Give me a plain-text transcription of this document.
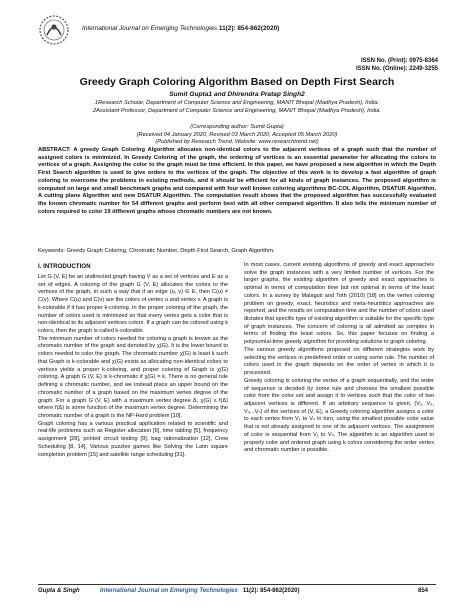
International Journal on Emerging Technologies 11(2): 854-862(2020)
ISSN No. (Print): 0975-8364
ISSN No. (Online): 2249-3255
Greedy Graph Coloring Algorithm Based on Depth First Search
Sumit Gupta1 and Dhirendra Pratap Singh2
1Research Scholar, Department of Computer Science and Engineering, MANIT Bhopal (Madhya Pradesh), India.
2Assistant Professor, Department of Computer Science and Engineering, MANIT Bhopal (Madhya Pradesh), India.
(Corresponding author: Sumit Gupta)
(Received 04 January 2020, Revised 03 March 2020, Accepted 05 March 2020)
(Published by Research Trend, Website: www.researchtrend.net)
ABSTRACT: A greedy Graph Coloring Algorithm allocates non-identical colors to the adjacent vertices of a graph such that the number of assigned colors is minimized. In Greedy Coloring of the graph, the ordering of vertices is an essential parameter for allocating the colors to vertices of a graph. Assigning the color to the graph must be time efficient. In this paper, we have proposed a new algorithm in which the Depth First Search algorithm is used to give orders to the vertices of the graph. The objective of this work is to develop a fast algorithm of graph coloring to overcome the problems in existing methods, and it should be efficient for all kinds of graph instances. The proposed algorithm is computed on large and small benchmark graphs and compared with four well known coloring algorithms BC-COL Algorithm, DSATUR Algorithm, A cutting plane Algorithm and new DSATUR Algorithm. The computation result shows that the proposed algorithm has successfully evaluated the known chromatic number for 54 different graphs and perform best with all other compared algorithm. It also tells the minimum number of colors required to color 19 different graphs whose chromatic numbers are not known.
Keywords: Greedy Graph Coloring, Chromatic Number, Depth First Search, Graph Algorithm.
I. INTRODUCTION

Let G (V, E) be an undirected graph having V as a set of vertices and E as a set of edges. A coloring of the graph G (V, E) allocates the colors to the vertices of the graph, in such a way that if an edge (u, v) ∈ E, then C(u) ≠ C(v). Where C(u) and C(v) are the colors of vertex u and vertex v. A graph is k-colorable if it has proper k-coloring. In the proper coloring of the graph, the number of colors used is minimized so that every vertex gets a color that is non-identical to its adjacent vertices colors. If a graph can be colored using k colors, then the graph is called k-colorable.

The minimum number of colors needed for coloring a graph is known as the chromatic number of the graph and denoted by χ(G). It is the lower bound to colors needed to color the graph. The chromatic number χ(G) is least k such that Graph is k-colorable and χ(G) exists as allocating non-identical colors to vertices yields a proper k-coloring, and proper coloring of Graph is χ(G) coloring. A graph G (V, E) is k-chromatic if χ(G) = k. There is no general rule defining a chromatic number, and we instead place an upper bound on the chromatic number of a graph based on the maximum vertex degree of the graph. For a graph G (V, E) with a maximum vertex degree Δ, χ(G) ≤ f(Δ) where f(Δ) is some function of the maximum vertex degree. Determining the chromatic number of a graph is the NP-Hard problem [10].

Graph coloring has a various practical application related to scientific and real-life problems such as Register allocation [6], time tabling [5], frequency assignment [28], printed circuit testing [9], bag rationalization [12], Crew Scheduling [8, 14], Various puzzles games like Solving the Latin square completion problem [15] and satellite range scheduling [31].

In most cases, current existing algorithms of greedy and exact approaches solve the graph instances with a very limited number of vertices. For the larger graphs, the existing algorithm of greedy and exact approaches is optimal in terms of computation time but not optimal in terms of the least colors. In a survey by Malaguti and Toth (2010) [18] on the vertex coloring problem on greedy, exact, heuristics and meta-heuristics approaches are reported, and the results on computation time and the number of colors used dictates that specific type of existing algorithm is suitable for the specific type of graph instances. The concern of coloring is all admitted as complex in terms of finding the least colors. So, this paper focuses on finding a polynomial-time greedy algorithm for providing solutions to graph coloring.

The various greedy algorithms proposed on different strategies work by selecting the vertices in predefined order or using some rule. The number of colors used in the graph depends on the order of vertex in which it is processed.

Greedy coloring is coloring the vertex of a graph sequentially, and the order of sequence is decided by some rule and chooses the smallest possible color from the color set and assign it to vertices such that the color of two adjacent vertices is different. If an arbitrary sequence is given, (V₁, V₂, V₃...Vₙ) of the vertices of (V, E), a Greedy coloring algorithm assigns a color to each vertex from V₁ to Vₙ in turn, using the smallest possible color value that is not already assigned to one of its adjacent vertices. The assignment of color is sequential from V₁ to Vₙ. The algorithm is an algorithm used to properly color and ordered graph using k colors considering the order vertex and chromatic number is possible.

Gupta & Singh	International Journal on Emerging Technologies 11(2): 854-862(2020)	854
